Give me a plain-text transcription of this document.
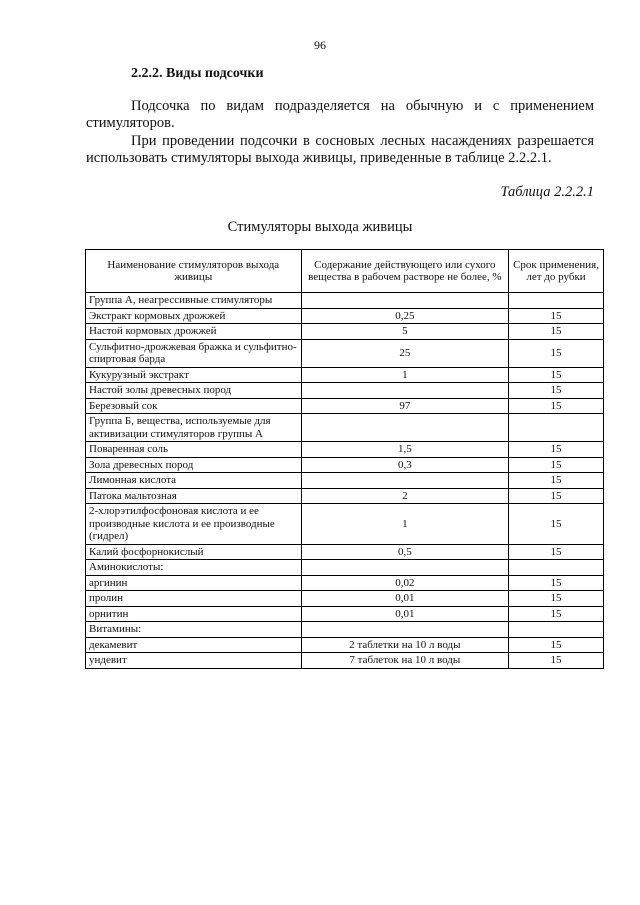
96
2.2.2. Виды подсочки
Подсочка по видам подразделяется на обычную и с применением стимуляторов.
При проведении подсочки в сосновых лесных насаждениях разрешается использовать стимуляторы выхода живицы, приведенные в таблице 2.2.2.1.
Таблица 2.2.2.1
Стимуляторы выхода живицы
Наименование стимуляторов выхода живицы	Содержание действующего или сухого вещества в рабочем растворе не более, %	Срок применения, лет до рубки
Группа А, неагрессивные стимуляторы		
Экстракт кормовых дрожжей	0,25	15
Настой кормовых дрожжей	5	15
Сульфитно-дрожжевая бражка и сульфитно-спиртовая барда	25	15
Кукурузный экстракт	1	15
Настой золы древесных пород		15
Березовый сок	97	15
Группа Б, вещества, используемые для активизации стимуляторов группы А		
Поваренная соль	1,5	15
Зола древесных пород	0,3	15
Лимонная кислота		15
Патока мальтозная	2	15
2-хлорэтилфосфоновая кислота и ее производные кислота и ее производные (гидрел)	1	15
Калий фосфорнокислый	0,5	15
Аминокислоты:		
аргинин	0,02	15
пролин	0,01	15
орнитин	0,01	15
Витамины:		
декамевит	2 таблетки на 10 л воды	15
ундевит	7 таблеток на 10 л воды	15
